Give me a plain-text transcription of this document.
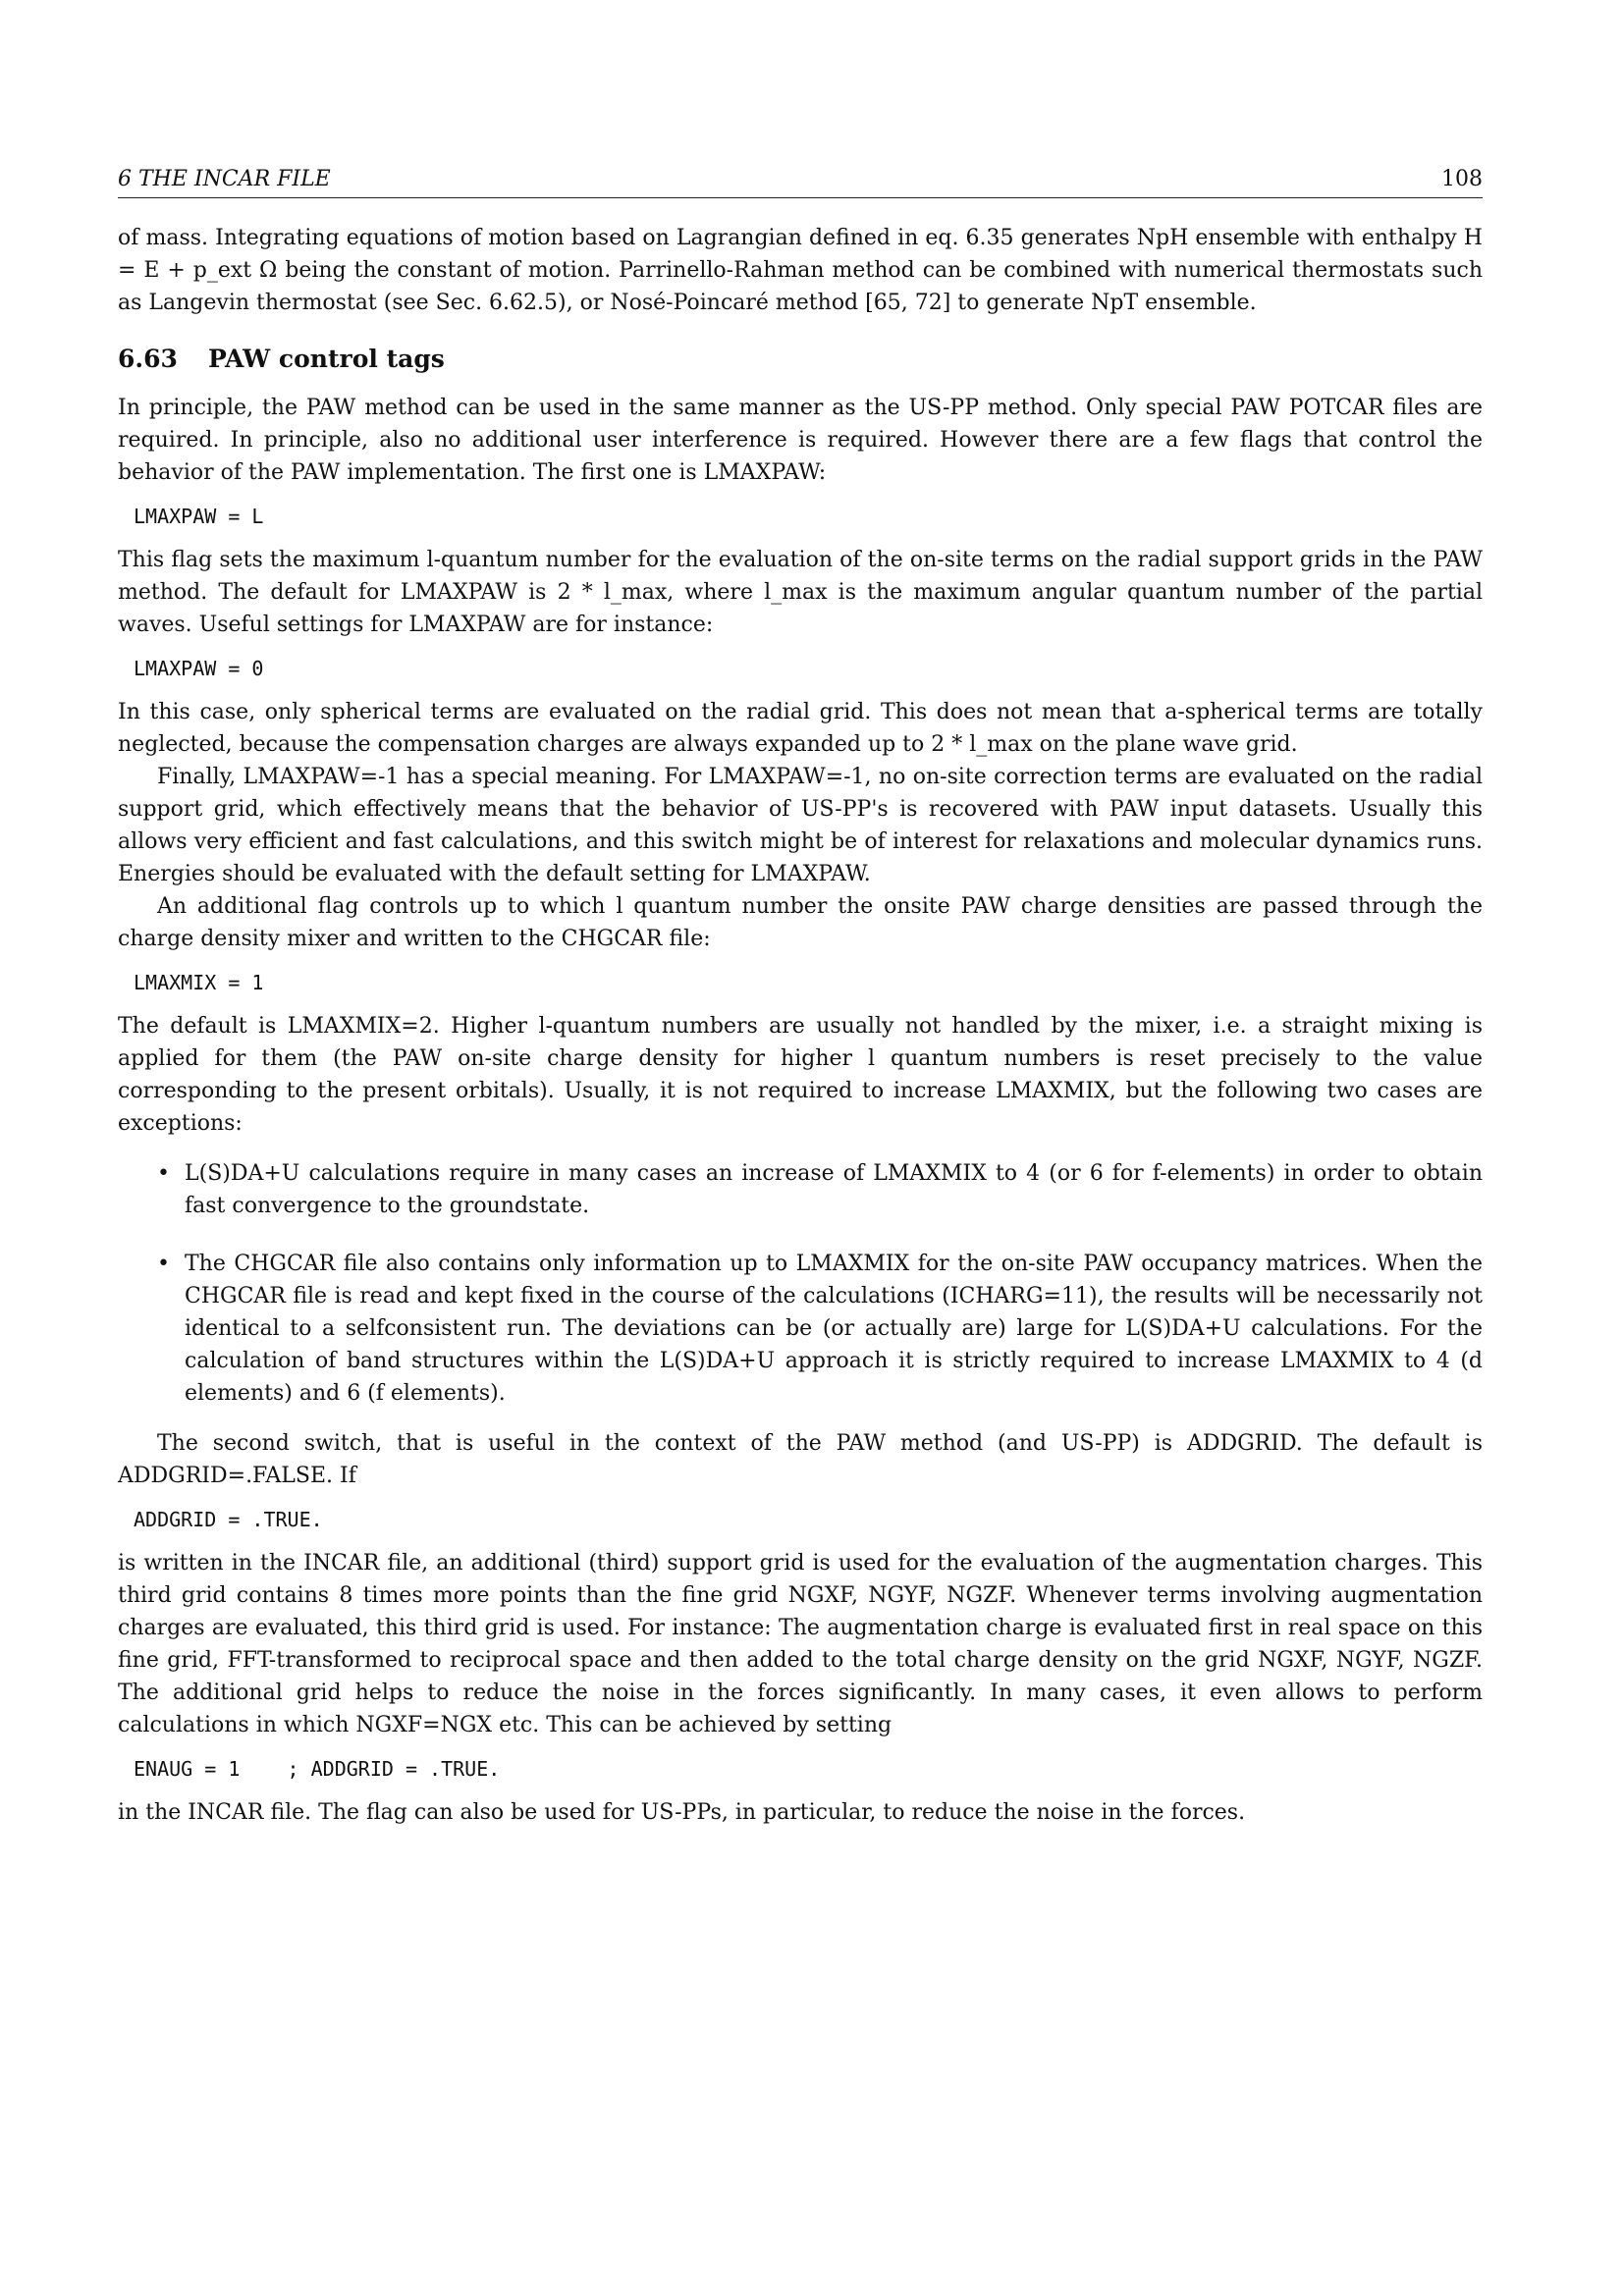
6 THE INCAR FILE	108

of mass. Integrating equations of motion based on Lagrangian defined in eq. 6.35 generates NpH ensemble with enthalpy H = E + p_ext Ω being the constant of motion. Parrinello-Rahman method can be combined with numerical thermostats such as Langevin thermostat (see Sec. 6.62.5), or Nosé-Poincaré method [65, 72] to generate NpT ensemble.

6.63 PAW control tags

In principle, the PAW method can be used in the same manner as the US-PP method. Only special PAW POTCAR files are required. In principle, also no additional user interference is required. However there are a few flags that control the behavior of the PAW implementation. The first one is LMAXPAW:

LMAXPAW = L

This flag sets the maximum l-quantum number for the evaluation of the on-site terms on the radial support grids in the PAW method. The default for LMAXPAW is 2 * l_max, where l_max is the maximum angular quantum number of the partial waves. Useful settings for LMAXPAW are for instance:

LMAXPAW = 0

In this case, only spherical terms are evaluated on the radial grid. This does not mean that a-spherical terms are totally neglected, because the compensation charges are always expanded up to 2 * l_max on the plane wave grid.

Finally, LMAXPAW=-1 has a special meaning. For LMAXPAW=-1, no on-site correction terms are evaluated on the radial support grid, which effectively means that the behavior of US-PP's is recovered with PAW input datasets. Usually this allows very efficient and fast calculations, and this switch might be of interest for relaxations and molecular dynamics runs. Energies should be evaluated with the default setting for LMAXPAW.

An additional flag controls up to which l quantum number the onsite PAW charge densities are passed through the charge density mixer and written to the CHGCAR file:

LMAXMIX = 1

The default is LMAXMIX=2. Higher l-quantum numbers are usually not handled by the mixer, i.e. a straight mixing is applied for them (the PAW on-site charge density for higher l quantum numbers is reset precisely to the value corresponding to the present orbitals). Usually, it is not required to increase LMAXMIX, but the following two cases are exceptions:

• L(S)DA+U calculations require in many cases an increase of LMAXMIX to 4 (or 6 for f-elements) in order to obtain fast convergence to the groundstate.
• The CHGCAR file also contains only information up to LMAXMIX for the on-site PAW occupancy matrices. When the CHGCAR file is read and kept fixed in the course of the calculations (ICHARG=11), the results will be necessarily not identical to a selfconsistent run. The deviations can be (or actually are) large for L(S)DA+U calculations. For the calculation of band structures within the L(S)DA+U approach it is strictly required to increase LMAXMIX to 4 (d elements) and 6 (f elements).

The second switch, that is useful in the context of the PAW method (and US-PP) is ADDGRID. The default is ADDGRID=.FALSE. If

ADDGRID = .TRUE.

is written in the INCAR file, an additional (third) support grid is used for the evaluation of the augmentation charges. This third grid contains 8 times more points than the fine grid NGXF, NGYF, NGZF. Whenever terms involving augmentation charges are evaluated, this third grid is used. For instance: The augmentation charge is evaluated first in real space on this fine grid, FFT-transformed to reciprocal space and then added to the total charge density on the grid NGXF, NGYF, NGZF. The additional grid helps to reduce the noise in the forces significantly. In many cases, it even allows to perform calculations in which NGXF=NGX etc. This can be achieved by setting

ENAUG = 1    ; ADDGRID = .TRUE.

in the INCAR file. The flag can also be used for US-PPs, in particular, to reduce the noise in the forces.
